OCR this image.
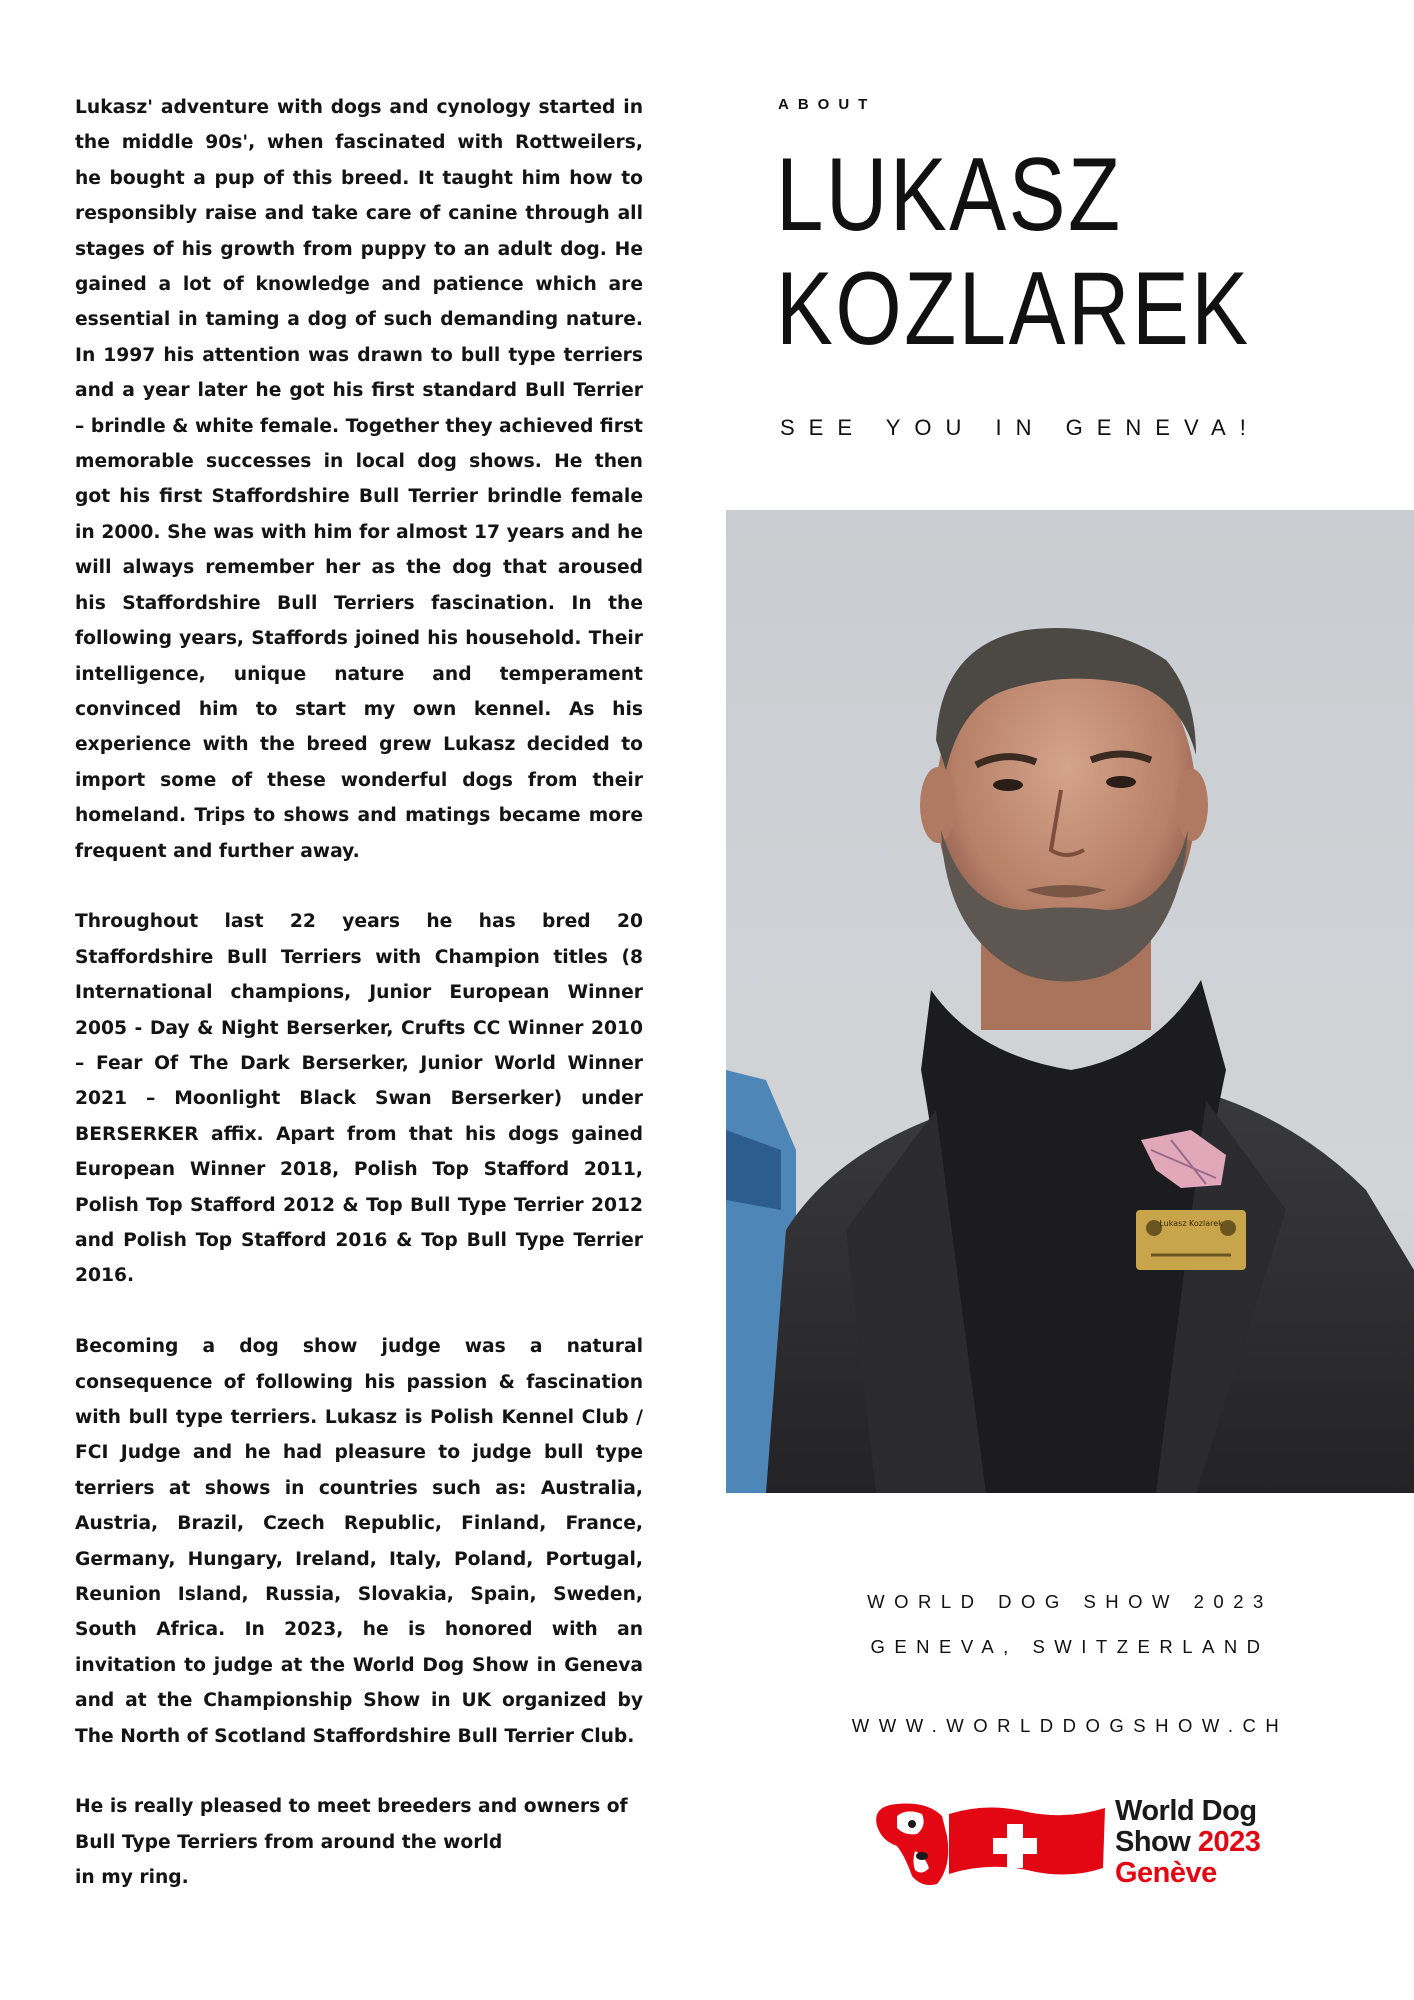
Lukasz' adventure with dogs and cynology started in the middle 90s', when fascinated with Rottweilers, he bought a pup of this breed. It taught him how to responsibly raise and take care of canine through all stages of his growth from puppy to an adult dog. He gained a lot of knowledge and patience which are essential in taming a dog of such demanding nature. In 1997 his attention was drawn to bull type terriers and a year later he got his first standard Bull Terrier – brindle & white female. Together they achieved first memorable successes in local dog shows. He then got his first Staffordshire Bull Terrier brindle female in 2000. She was with him for almost 17 years and he will always remember her as the dog that aroused his Staffordshire Bull Terriers fascination. In the following years, Staffords joined his household. Their intelligence, unique nature and temperament convinced him to start my own kennel. As his experience with the breed grew Lukasz decided to import some of these wonderful dogs from their homeland. Trips to shows and matings became more frequent and further away.

Throughout last 22 years he has bred 20 Staffordshire Bull Terriers with Champion titles (8 International champions, Junior European Winner 2005 - Day & Night Berserker, Crufts CC Winner 2010 – Fear Of The Dark Berserker, Junior World Winner 2021 – Moonlight Black Swan Berserker) under BERSERKER affix. Apart from that his dogs gained European Winner 2018, Polish Top Stafford 2011, Polish Top Stafford 2012 & Top Bull Type Terrier 2012 and Polish Top Stafford 2016 & Top Bull Type Terrier 2016.

Becoming a dog show judge was a natural consequence of following his passion & fascination with bull type terriers. Lukasz is Polish Kennel Club / FCI Judge and he had pleasure to judge bull type terriers at shows in countries such as: Australia, Austria, Brazil, Czech Republic, Finland, France, Germany, Hungary, Ireland, Italy, Poland, Portugal, Reunion Island, Russia, Slovakia, Spain, Sweden, South Africa. In 2023, he is honored with an invitation to judge at the World Dog Show in Geneva and at the Championship Show in UK organized by The North of Scotland Staffordshire Bull Terrier Club.

He is really pleased to meet breeders and owners of Bull Type Terriers from around the world
in my ring.

ABOUT
LUKASZ
KOZLAREK
SEE YOU IN GENEVA!
Łukasz Kozlarek
WORLD DOG SHOW 2023
GENEVA, SWITZERLAND
WWW.WORLDDOGSHOW.CH
World Dog
Show 2023
Genève
